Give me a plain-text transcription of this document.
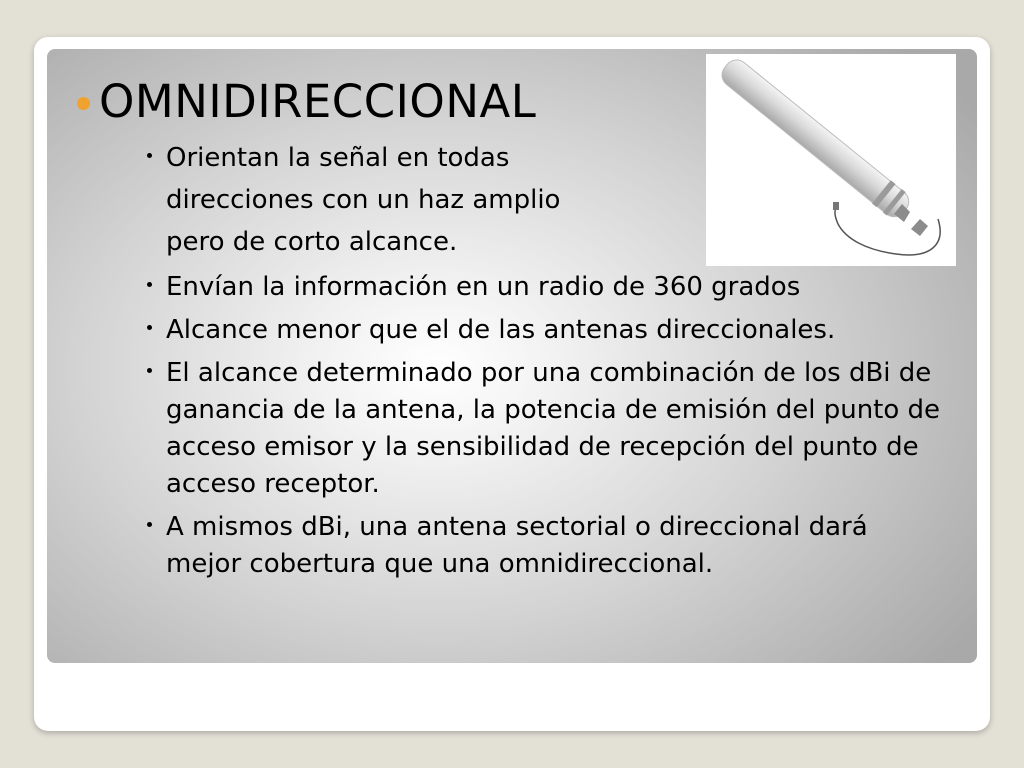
OMNIDIRECCIONAL
Orientan la señal en todas direcciones con un haz amplio pero de corto alcance.
Envían la información en un radio de 360 grados
Alcance menor que el de las antenas direccionales.
El alcance determinado por una combinación de los dBi de ganancia de la antena, la potencia de emisión del punto de acceso emisor y la sensibilidad de recepción del punto de acceso receptor.
A mismos dBi, una antena sectorial o direccional dará mejor cobertura que una omnidireccional.
